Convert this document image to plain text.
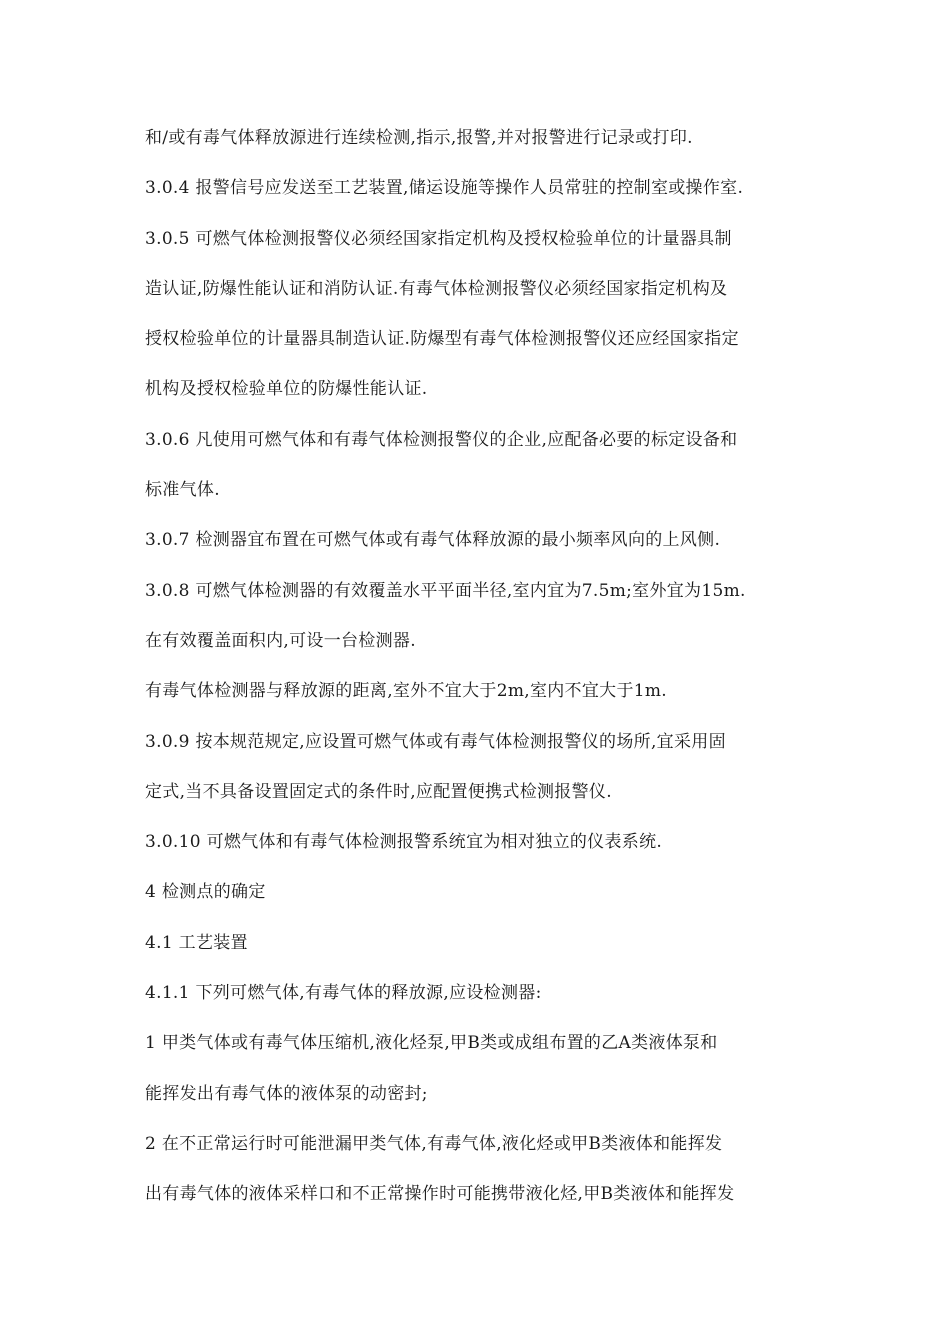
和/或有毒气体释放源进行连续检测,指示,报警,并对报警进行记录或打印.
3.0.4 报警信号应发送至工艺装置,储运设施等操作人员常驻的控制室或操作室.
3.0.5 可燃气体检测报警仪必须经国家指定机构及授权检验单位的计量器具制
造认证,防爆性能认证和消防认证.有毒气体检测报警仪必须经国家指定机构及
授权检验单位的计量器具制造认证.防爆型有毒气体检测报警仪还应经国家指定
机构及授权检验单位的防爆性能认证.
3.0.6 凡使用可燃气体和有毒气体检测报警仪的企业,应配备必要的标定设备和
标准气体.
3.0.7 检测器宜布置在可燃气体或有毒气体释放源的最小频率风向的上风侧.
3.0.8 可燃气体检测器的有效覆盖水平平面半径,室内宜为7.5m;室外宜为15m.
在有效覆盖面积内,可设一台检测器.
有毒气体检测器与释放源的距离,室外不宜大于2m,室内不宜大于1m.
3.0.9 按本规范规定,应设置可燃气体或有毒气体检测报警仪的场所,宜采用固
定式,当不具备设置固定式的条件时,应配置便携式检测报警仪.
3.0.10 可燃气体和有毒气体检测报警系统宜为相对独立的仪表系统.
4 检测点的确定
4.1 工艺装置
4.1.1 下列可燃气体,有毒气体的释放源,应设检测器:
1 甲类气体或有毒气体压缩机,液化烃泵,甲B类或成组布置的乙A类液体泵和
能挥发出有毒气体的液体泵的动密封;
2 在不正常运行时可能泄漏甲类气体,有毒气体,液化烃或甲B类液体和能挥发
出有毒气体的液体采样口和不正常操作时可能携带液化烃,甲B类液体和能挥发
